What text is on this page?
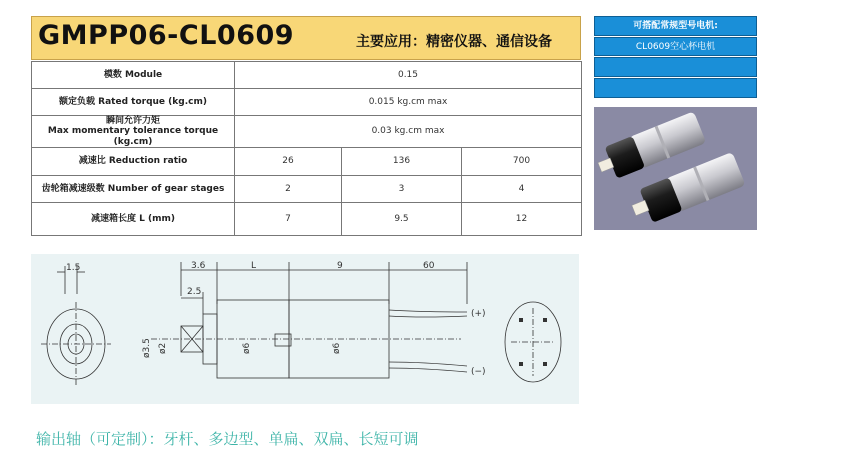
GMPP06-CL0609	主要应用：精密仪器、通信设备
模数 Module	0.15		
额定负载 Rated torque (kg.cm)	0.015 kg.cm max		
瞬间允许力矩
Max momentary tolerance torque (kg.cm)	0.03 kg.cm max		
减速比 Reduction ratio	26	136	700
齿轮箱减速级数 Number of gear stages	2	3	4
减速箱长度 L (mm)	7	9.5	12
可搭配常规型号电机:
CL0609空心杯电机
1.5	3.6	L	9	60
2.5
ø3.5 ø2	ø6	ø6
(+)
(−)
输出轴（可定制）：牙杆、多边型、单扁、双扁、长短可调
